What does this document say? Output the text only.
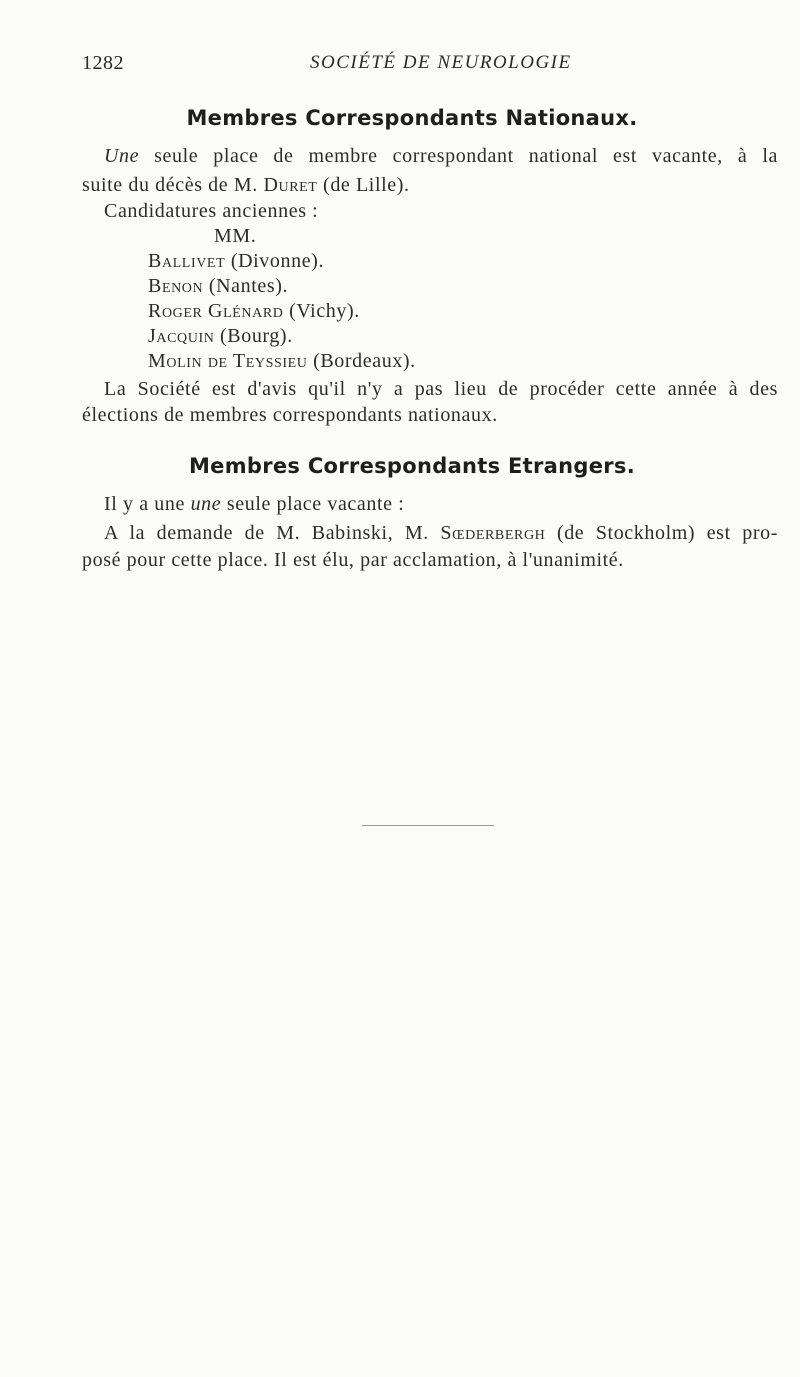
1282	SOCIÉTÉ DE NEUROLOGIE
Membres Correspondants Nationaux.
Une seule place de membre correspondant national est vacante, à la
suite du décès de M. Duret (de Lille).
Candidatures anciennes :
MM.
Ballivet (Divonne).
Benon (Nantes).
Roger Glénard (Vichy).
Jacquin (Bourg).
Molin de Teyssieu (Bordeaux).
La Société est d'avis qu'il n'y a pas lieu de procéder cette année à des
élections de membres correspondants nationaux.
Membres Correspondants Etrangers.
Il y a une une seule place vacante :
A la demande de M. Babinski, M. Sœderbergh (de Stockholm) est pro-
posé pour cette place. Il est élu, par acclamation, à l'unanimité.
